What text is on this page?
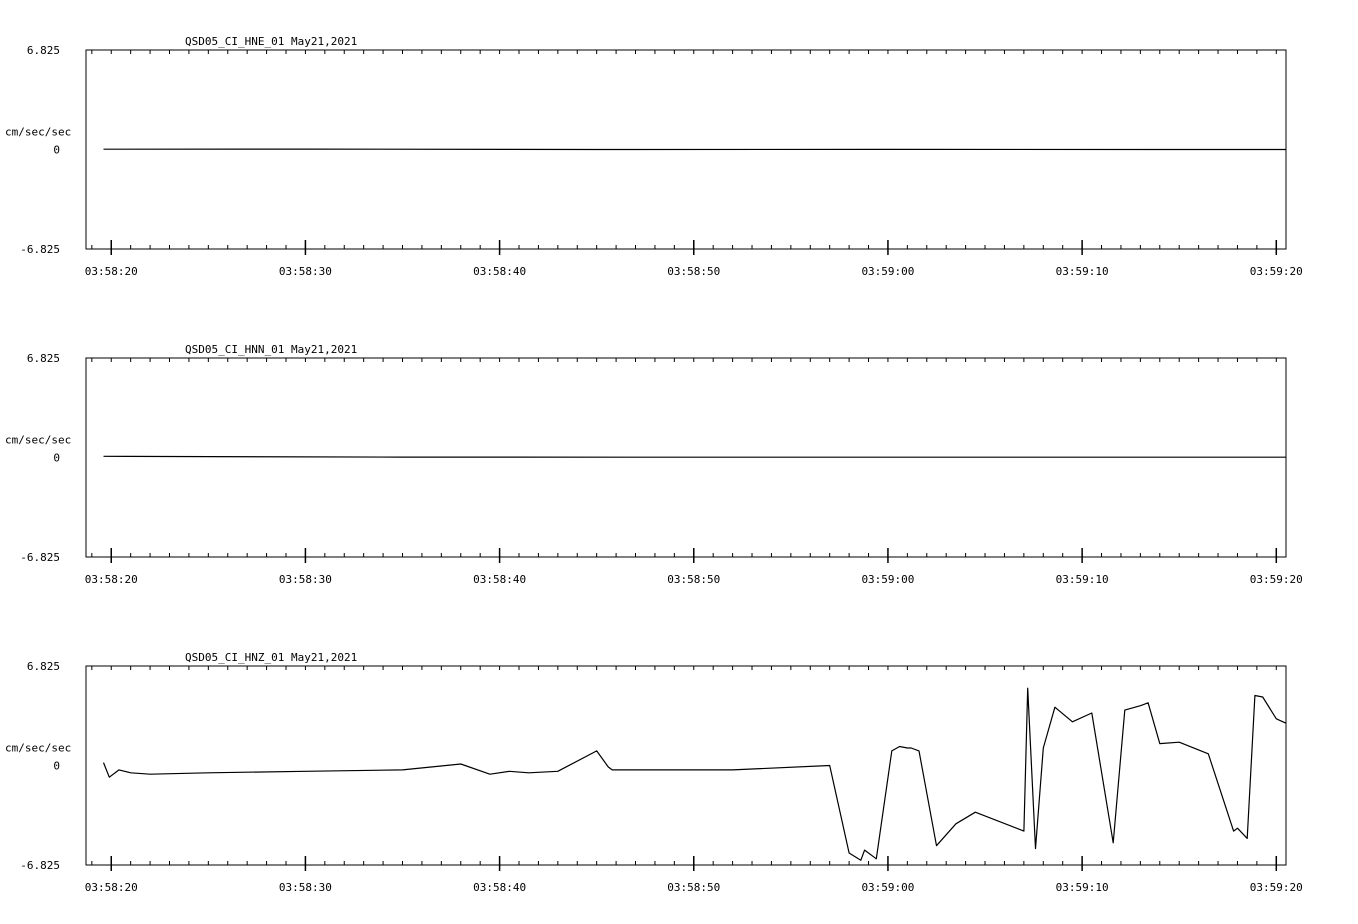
QSD05_CI_HNE_01 May21,2021
6.825
0
-6.825
cm/sec/sec
03:58:20	03:58:30	03:58:40	03:58:50	03:59:00	03:59:10	03:59:20
QSD05_CI_HNN_01 May21,2021
6.825
0
-6.825
cm/sec/sec
03:58:20	03:58:30	03:58:40	03:58:50	03:59:00	03:59:10	03:59:20
QSD05_CI_HNZ_01 May21,2021
6.825
0
-6.825
cm/sec/sec
03:58:20	03:58:30	03:58:40	03:58:50	03:59:00	03:59:10	03:59:20
